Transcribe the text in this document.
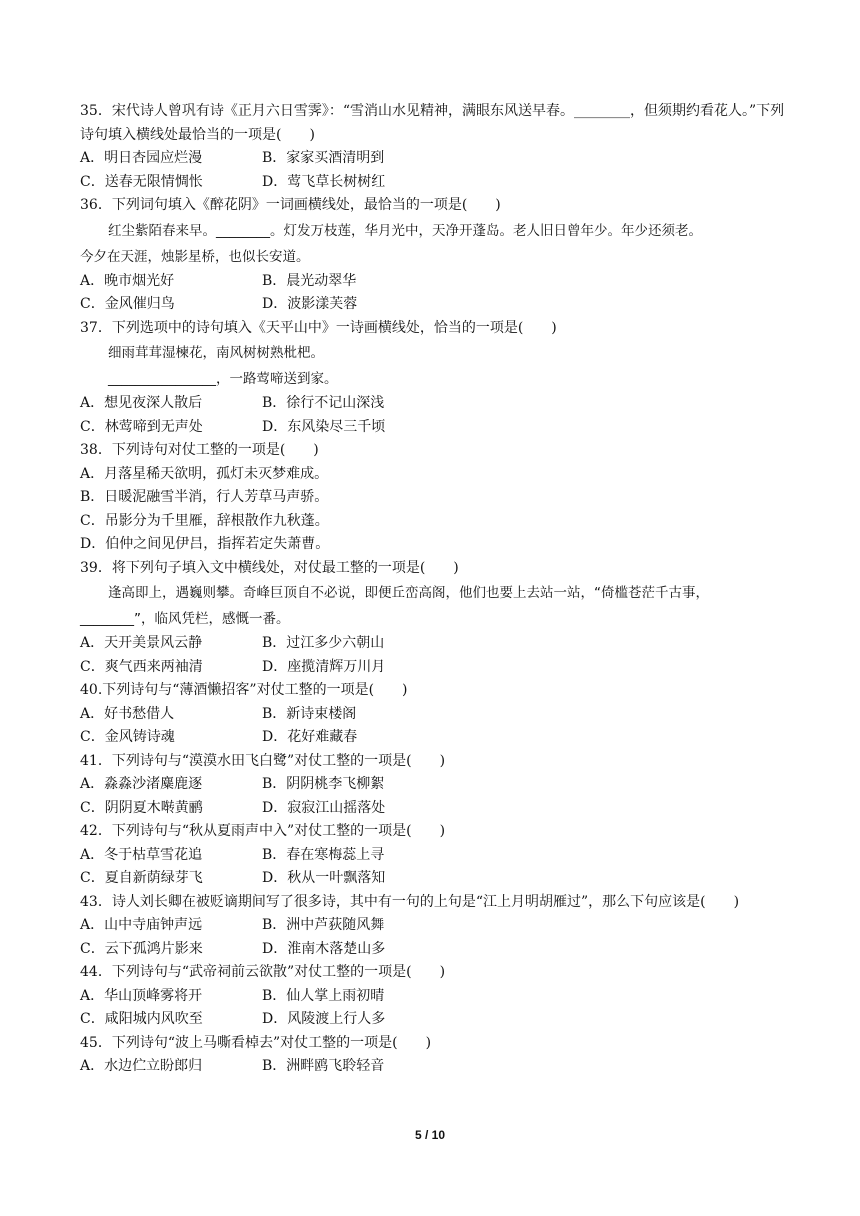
35．宋代诗人曾巩有诗《正月六日雪霁》：“雪消山水见精神，满眼东风送早春。________，但须期约看花人。”下列诗句填入横线处最恰当的一项是(　　)
A．明日杏园应烂漫	B．家家买酒清明到
C．送春无限情惆怅	D．莺飞草长树树红
36．下列词句填入《醉花阴》一词画横线处，最恰当的一项是(　　)
红尘紫陌春来早。________。灯发万枝莲，华月光中，天净开蓬岛。老人旧日曾年少。年少还须老。
今夕在天涯，烛影星桥，也似长安道。
A．晚市烟光好	B．晨光动翠华
C．金风催归鸟	D．波影漾芙蓉
37．下列选项中的诗句填入《天平山中》一诗画横线处，恰当的一项是(　　)
细雨茸茸湿楝花，南风树树熟枇杷。
________________，一路莺啼送到家。
A．想见夜深人散后	B．徐行不记山深浅
C．林莺啼到无声处	D．东风染尽三千顷
38．下列诗句对仗工整的一项是(　　)
A．月落星稀天欲明，孤灯未灭梦难成。
B．日暖泥融雪半消，行人芳草马声骄。
C．吊影分为千里雁，辞根散作九秋蓬。
D．伯仲之间见伊吕，指挥若定失萧曹。
39．将下列句子填入文中横线处，对仗最工整的一项是(　　)
逢高即上，遇巍则攀。奇峰巨顶自不必说，即便丘峦高阁，他们也要上去站一站，“倚槛苍茫千古事，
________”，临风凭栏，感慨一番。
A．天开美景风云静	B．过江多少六朝山
C．爽气西来两袖清	D．座揽清辉万川月
40.下列诗句与“薄酒懒招客”对仗工整的一项是(　　)
A．好书愁借人	B．新诗束楼阁
C．金风铸诗魂	D．花好难藏春
41．下列诗句与“漠漠水田飞白鹭”对仗工整的一项是(　　)
A．淼淼沙渚麋鹿逐	B．阴阴桃李飞柳絮
C．阴阴夏木啭黄鹂	D．寂寂江山摇落处
42．下列诗句与“秋从夏雨声中入”对仗工整的一项是(　　)
A．冬于枯草雪花追	B．春在寒梅蕊上寻
C．夏自新荫绿芽飞	D．秋从一叶飘落知
43．诗人刘长卿在被贬谪期间写了很多诗，其中有一句的上句是“江上月明胡雁过”，那么下句应该是(　　)
A．山中寺庙钟声远	B．洲中芦荻随风舞
C．云下孤鸿片影来	D．淮南木落楚山多
44．下列诗句与“武帝祠前云欲散”对仗工整的一项是(　　)
A．华山顶峰雾将开	B．仙人掌上雨初晴
C．咸阳城内风吹至	D．风陵渡上行人多
45．下列诗句“波上马嘶看棹去”对仗工整的一项是(　　)
A．水边伫立盼郎归	B．洲畔鸥飞聆轻音
5 / 10
